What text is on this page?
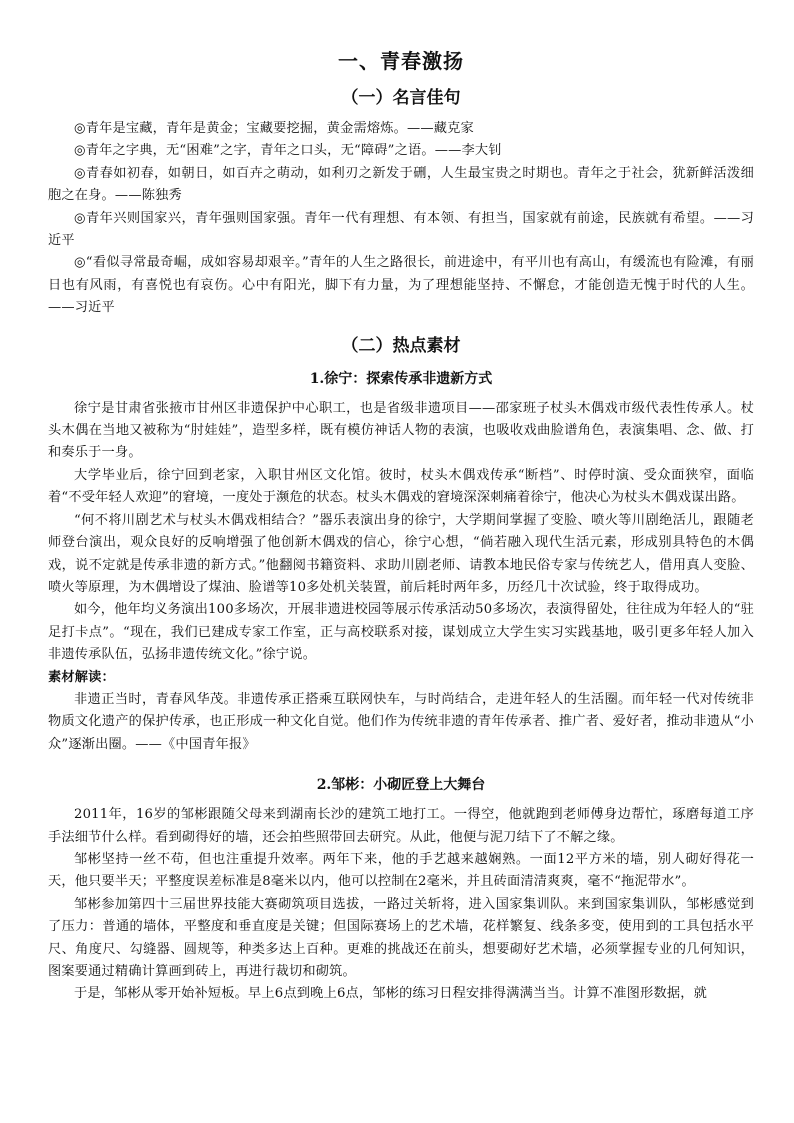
一、青春激扬
（一）名言佳句

◎青年是宝藏，青年是黄金；宝藏要挖掘，黄金需熔炼。——藏克家

◎青年之字典，无“困难”之字，青年之口头，无“障碍”之语。——李大钊

◎青春如初春，如朝日，如百卉之萌动，如利刃之新发于硎，人生最宝贵之时期也。青年之于社会，犹新鲜活泼细胞之在身。——陈独秀

◎青年兴则国家兴，青年强则国家强。青年一代有理想、有本领、有担当，国家就有前途，民族就有希望。——习近平

◎“看似寻常最奇崛，成如容易却艰辛。”青年的人生之路很长，前进途中，有平川也有高山，有缓流也有险滩，有丽日也有风雨，有喜悦也有哀伤。心中有阳光，脚下有力量，为了理想能坚持、不懈怠，才能创造无愧于时代的人生。——习近平

（二）热点素材
1.徐宁：探索传承非遗新方式

徐宁是甘肃省张掖市甘州区非遗保护中心职工，也是省级非遗项目——邵家班子杖头木偶戏市级代表性传承人。杖头木偶在当地又被称为“肘娃娃”，造型多样，既有模仿神话人物的表演，也吸收戏曲脸谱角色，表演集唱、念、做、打和奏乐于一身。

大学毕业后，徐宁回到老家，入职甘州区文化馆。彼时，杖头木偶戏传承“断档”、时停时演、受众面狭窄，面临着“不受年轻人欢迎”的窘境，一度处于濒危的状态。杖头木偶戏的窘境深深刺痛着徐宁，他决心为杖头木偶戏谋出路。

“何不将川剧艺术与杖头木偶戏相结合？”器乐表演出身的徐宁，大学期间掌握了变脸、喷火等川剧绝活儿，跟随老师登台演出，观众良好的反响增强了他创新木偶戏的信心，徐宁心想，“倘若融入现代生活元素，形成别具特色的木偶戏，说不定就是传承非遗的新方式。”他翻阅书籍资料、求助川剧老师、请教本地民俗专家与传统艺人，借用真人变脸、喷火等原理，为木偶增设了煤油、脸谱等10多处机关装置，前后耗时两年多，历经几十次试验，终于取得成功。

如今，他年均义务演出100多场次，开展非遗进校园等展示传承活动50多场次，表演得留处，往往成为年轻人的“驻足打卡点”。“现在，我们已建成专家工作室，正与高校联系对接，谋划成立大学生实习实践基地，吸引更多年轻人加入非遗传承队伍，弘扬非遗传统文化。”徐宁说。

素材解读：

非遗正当时，青春风华茂。非遗传承正搭乘互联网快车，与时尚结合，走进年轻人的生活圈。而年轻一代对传统非物质文化遗产的保护传承，也正形成一种文化自觉。他们作为传统非遗的青年传承者、推广者、爱好者，推动非遗从“小众”逐渐出圈。——《中国青年报》

2.邹彬：小砌匠登上大舞台

2011年，16岁的邹彬跟随父母来到湖南长沙的建筑工地打工。一得空，他就跑到老师傅身边帮忙，琢磨每道工序手法细节什么样。看到砌得好的墙，还会拍些照带回去研究。从此，他便与泥刀结下了不解之缘。

邹彬坚持一丝不苟，但也注重提升效率。两年下来，他的手艺越来越娴熟。一面12平方米的墙，别人砌好得花一天，他只要半天；平整度误差标准是8毫米以内，他可以控制在2毫米，并且砖面清清爽爽，毫不“拖泥带水”。

邹彬参加第四十三届世界技能大赛砌筑项目选拔，一路过关斩将，进入国家集训队。来到国家集训队，邹彬感觉到了压力：普通的墙体，平整度和垂直度是关键；但国际赛场上的艺术墙，花样繁复、线条多变，使用到的工具包括水平尺、角度尺、勾缝器、圆规等，种类多达上百种。更难的挑战还在前头，想要砌好艺术墙，必须掌握专业的几何知识，图案要通过精确计算画到砖上，再进行裁切和砌筑。

于是，邹彬从零开始补短板。早上6点到晚上6点，邹彬的练习日程安排得满满当当。计算不准图形数据，就
